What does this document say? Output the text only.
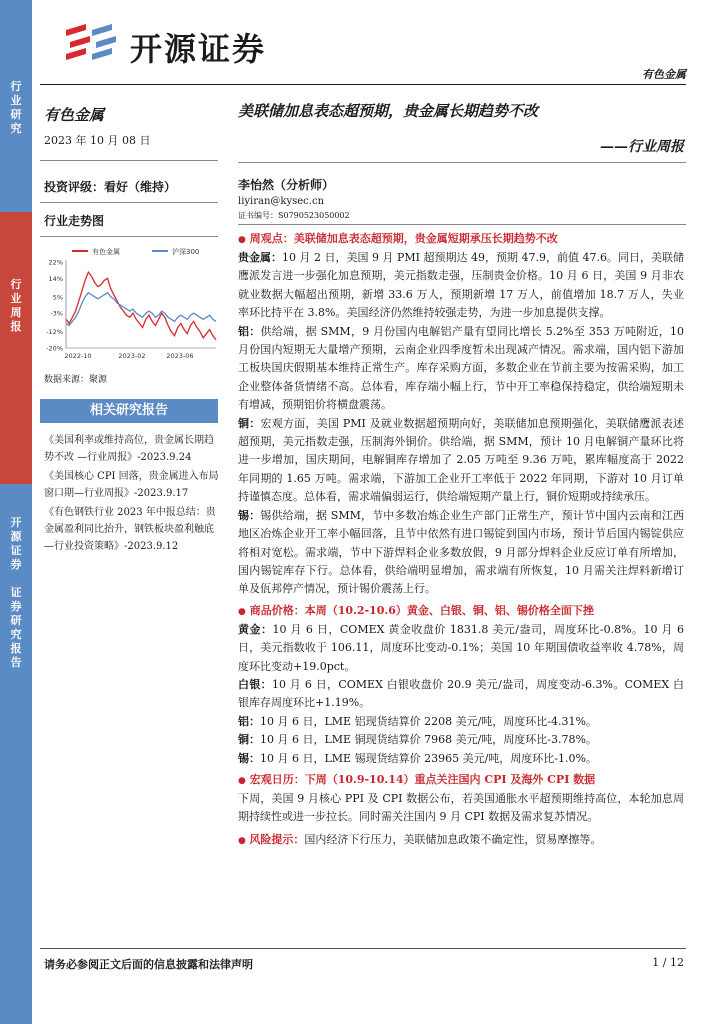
行
业
研
究
行
业
周
报
开
源
证
券

证
券
研
究
报
告
开源证券
有色金属
有色金属
2023 年 10 月 08 日
投资评级：看好（维持）
行业走势图
有色金属	沪深300
22%
14%
5%
-3%
-12%
-20%
2022-10	2023-02	2023-06
数据来源：聚源
相关研究报告
《美国利率或维持高位，贵金属长期趋势不改 —行业周报》-2023.9.24
《美国核心 CPI 回落，贵金属进入布局窗口期—行业周报》-2023.9.17
《有色钢铁行业 2023 年中报总结：贵金属盈利同比抬升，钢铁板块盈利触底—行业投资策略》-2023.9.12
美联储加息表态超预期，贵金属长期趋势不改
——行业周报
李怡然（分析师）
liyiran@kysec.cn
证书编号：S0790523050002
● 周观点：美联储加息表态超预期，贵金属短期承压长期趋势不改
贵金属：10 月 2 日，美国 9 月 PMI 超预期达 49，预期 47.9，前值 47.6。同日，美联储鹰派发言进一步强化加息预期，美元指数走强，压制贵金价格。10 月 6 日，美国 9 月非农就业数据大幅超出预期，新增 33.6 万人，预期新增 17 万人，前值增加 18.7 万人，失业率环比持平在 3.8%。美国经济仍然维持较强走势，为进一步加息提供支撑。
铝：供给端，据 SMM，9 月份国内电解铝产量有望同比增长 5.2%至 353 万吨附近，10 月份国内短期无大量增产预期，云南企业四季度暂未出现减产情况。需求端，国内铝下游加工板块国庆假期基本维持正常生产。库存采购方面，多数企业在节前主要为按需采购，加工企业整体备货情绪不高。总体看，库存端小幅上行，节中开工率稳保持稳定，供给端短期未有增减，预期铝价将横盘震荡。
铜：宏观方面，美国 PMI 及就业数据超预期向好，美联储加息预期强化，美联储鹰派表述超预期，美元指数走强，压制海外铜价。供给端，据 SMM，预计 10 月电解铜产量环比将进一步增加，国庆期间，电解铜库存增加了 2.05 万吨至 9.36 万吨，累库幅度高于 2022 年同期的 1.65 万吨。需求端，下游加工企业开工率低于 2022 年同期，下游对 10 月订单持谨慎态度。总体看，需求端偏弱运行，供给端短期产量上行，铜价短期或持续承压。
锡：锡供给端，据 SMM，节中多数冶炼企业生产部门正常生产，预计节中国内云南和江西地区冶炼企业开工率小幅回落，且节中依然有进口锡锭到国内市场，预计节后国内锡锭供应将相对宽松。需求端，节中下游焊料企业多数放假，9 月部分焊料企业反应订单有所增加，国内锡锭库存下行。总体看，供给端明显增加，需求端有所恢复，10 月需关注焊料新增订单及佤邦停产情况，预计锡价震荡上行。
● 商品价格：本周（10.2-10.6）黄金、白银、铜、铝、锡价格全面下挫
黄金：10 月 6 日，COMEX 黄金收盘价 1831.8 美元/盎司，周度环比-0.8%。10 月 6 日，美元指数收于 106.11，周度环比变动-0.1%；美国 10 年期国债收益率收 4.78%，周度环比变动+19.0pct。
白银：10 月 6 日，COMEX 白银收盘价 20.9 美元/盎司，周度变动-6.3%。COMEX 白银库存周度环比+1.19%。
铝：10 月 6 日，LME 铝现货结算价 2208 美元/吨，周度环比-4.31%。
铜：10 月 6 日，LME 铜现货结算价 7968 美元/吨，周度环比-3.78%。
锡：10 月 6 日，LME 锡现货结算价 23965 美元/吨，周度环比-1.0%。
● 宏观日历：下周（10.9-10.14）重点关注国内 CPI 及海外 CPI 数据
下周，美国 9 月核心 PPI 及 CPI 数据公布，若美国通胀水平超预期维持高位，本轮加息周期持续性或进一步拉长。同时需关注国内 9 月 CPI 数据及需求复苏情况。
● 风险提示：国内经济下行压力，美联储加息政策不确定性，贸易摩擦等。
请务必参阅正文后面的信息披露和法律声明	1 / 12
